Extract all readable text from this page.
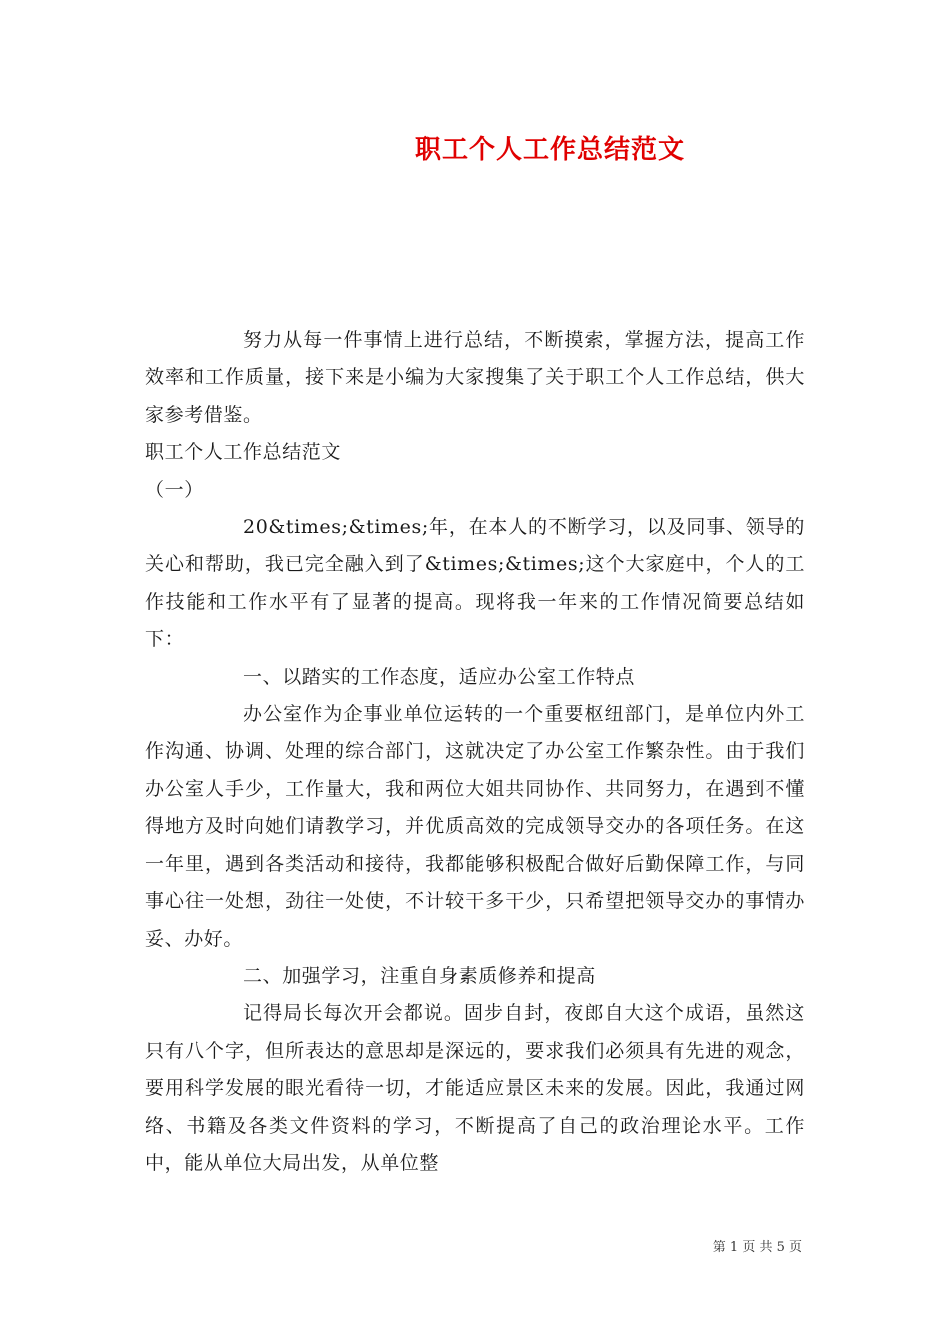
职工个人工作总结范文

努力从每一件事情上进行总结，不断摸索，掌握方法，提高工作效率和工作质量，接下来是小编为大家搜集了关于职工个人工作总结，供大家参考借鉴。

职工个人工作总结范文

（一）

20&times;&times;年，在本人的不断学习，以及同事、领导的关心和帮助，我已完全融入到了&times;&times;这个大家庭中，个人的工作技能和工作水平有了显著的提高。现将我一年来的工作情况简要总结如下：

一、以踏实的工作态度，适应办公室工作特点

办公室作为企事业单位运转的一个重要枢纽部门，是单位内外工作沟通、协调、处理的综合部门，这就决定了办公室工作繁杂性。由于我们办公室人手少，工作量大，我和两位大姐共同协作、共同努力，在遇到不懂得地方及时向她们请教学习，并优质高效的完成领导交办的各项任务。在这一年里，遇到各类活动和接待，我都能够积极配合做好后勤保障工作，与同事心往一处想，劲往一处使，不计较干多干少，只希望把领导交办的事情办妥、办好。

二、加强学习，注重自身素质修养和提高

记得局长每次开会都说。固步自封，夜郎自大这个成语，虽然这只有八个字，但所表达的意思却是深远的，要求我们必须具有先进的观念，要用科学发展的眼光看待一切，才能适应景区未来的发展。因此，我通过网络、书籍及各类文件资料的学习，不断提高了自己的政治理论水平。工作中，能从单位大局出发，从单位整

第 1 页 共 5 页
